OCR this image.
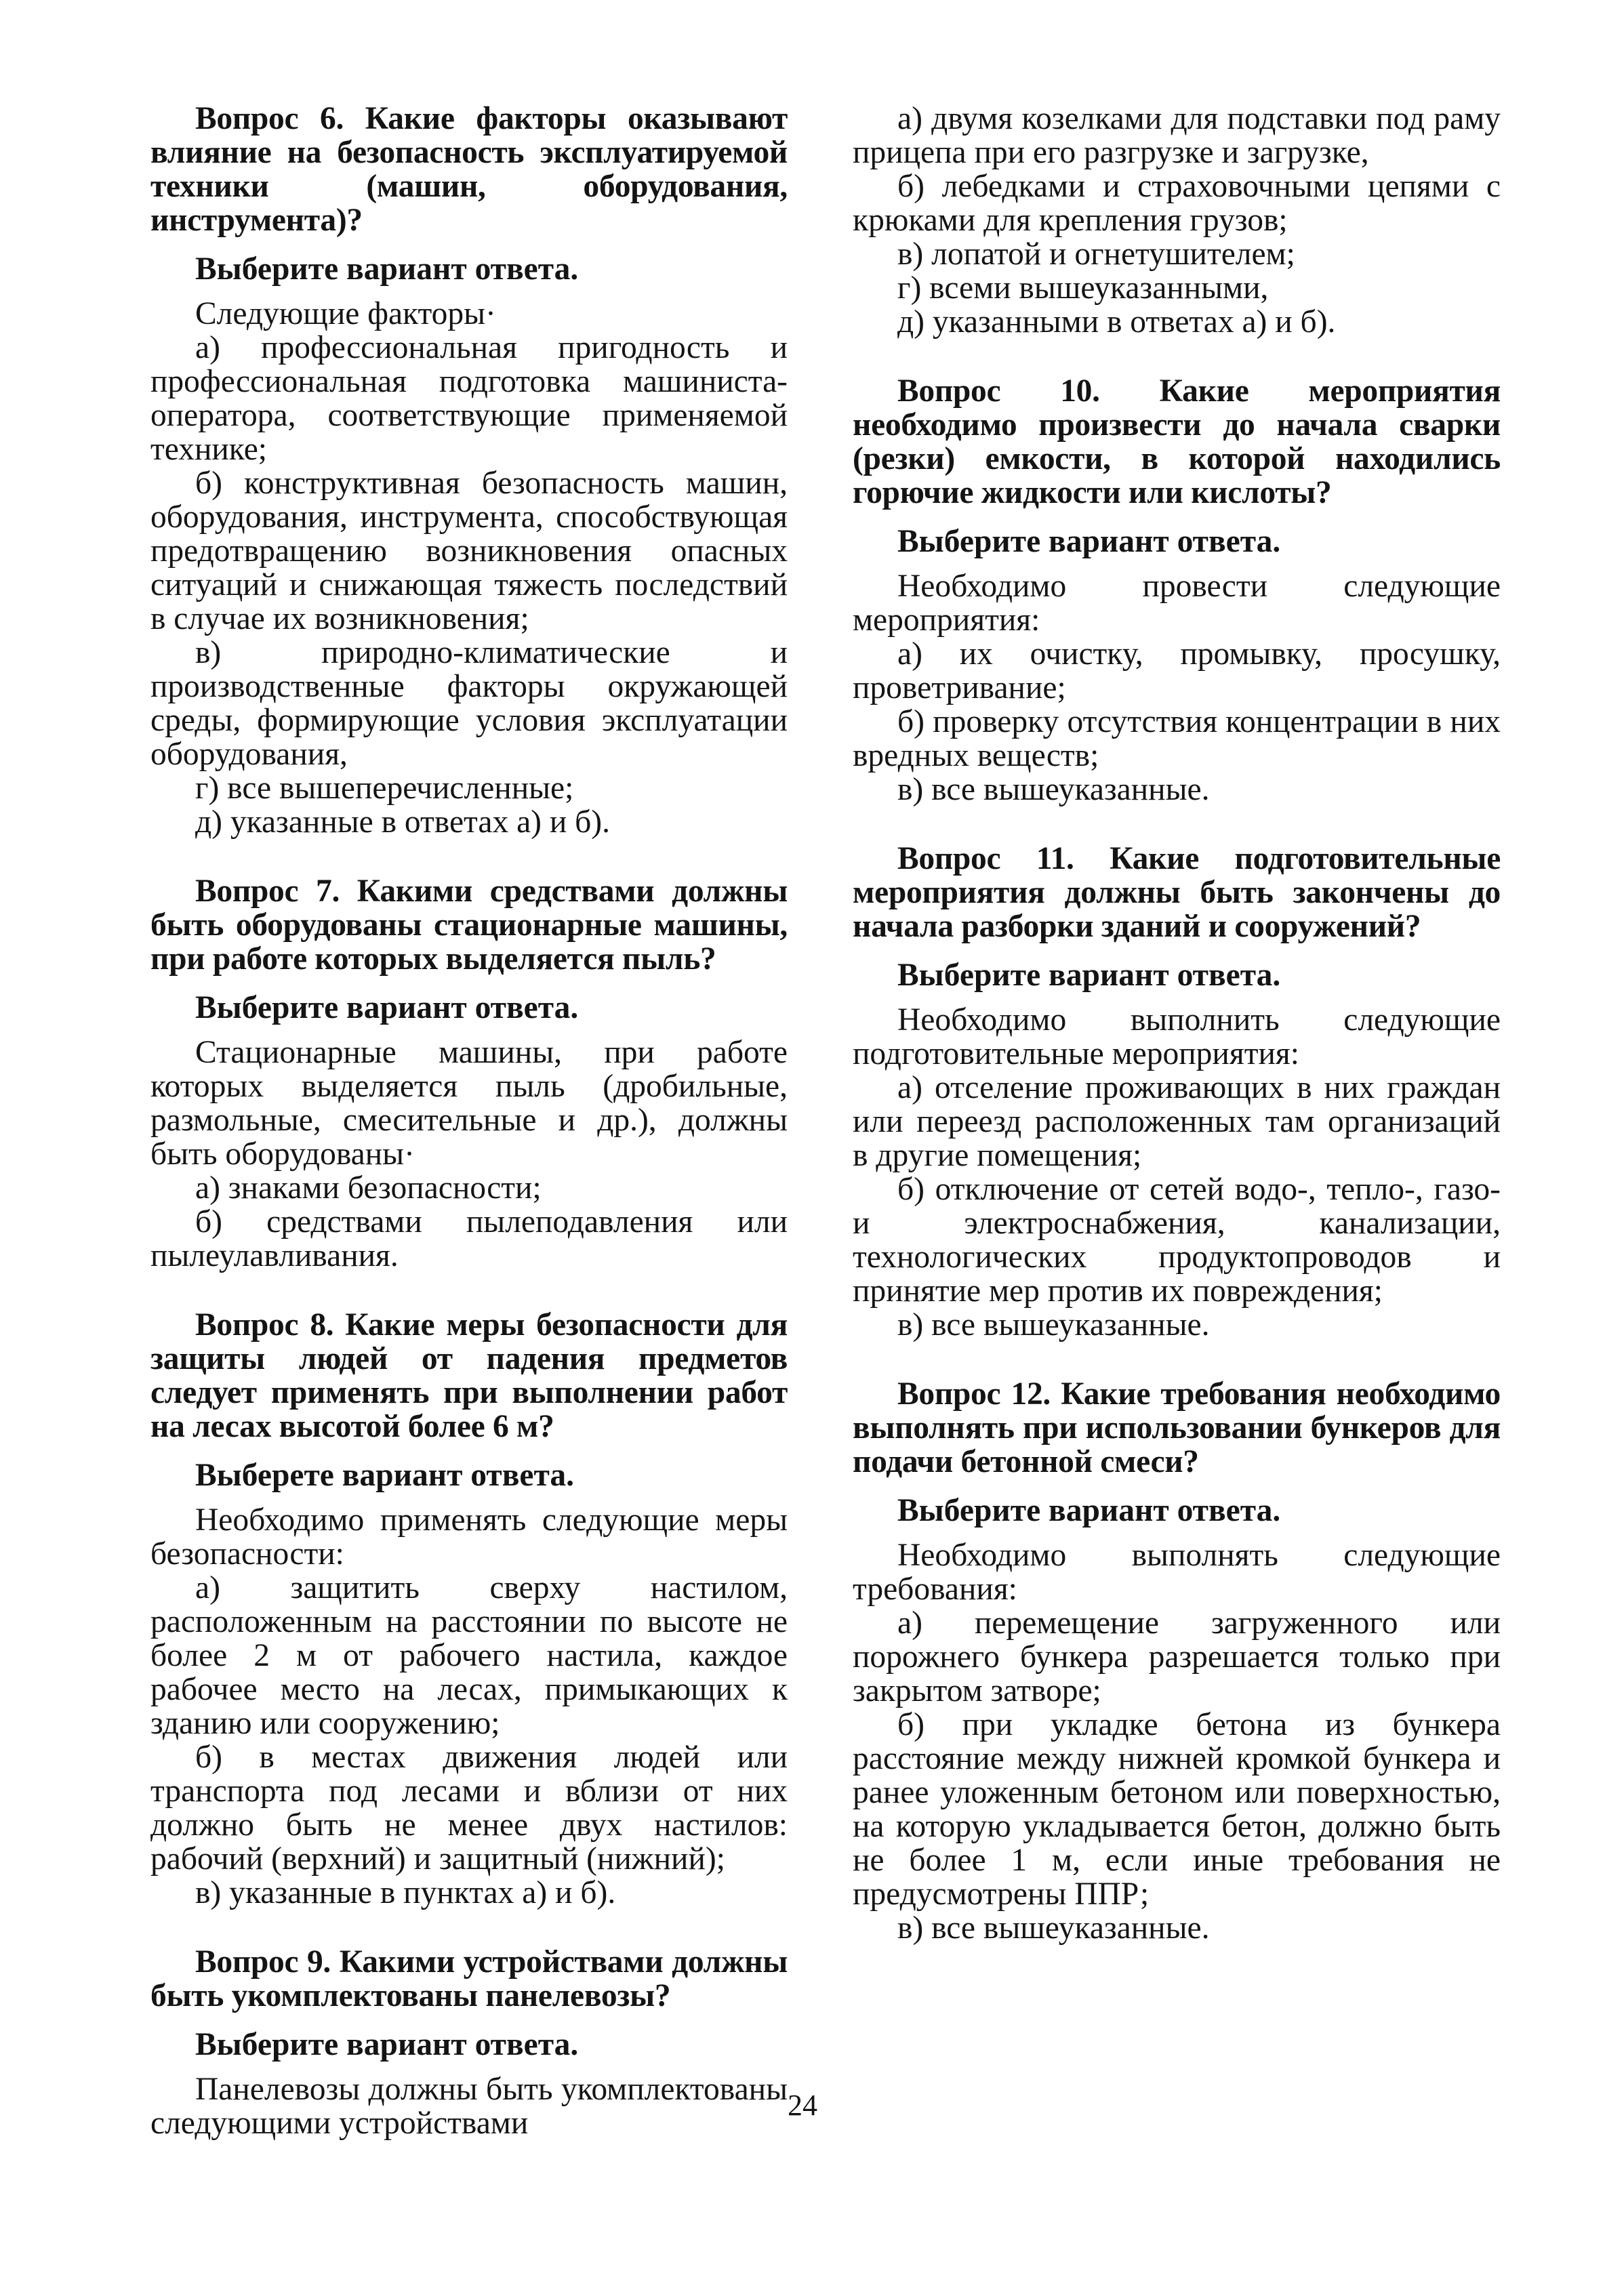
Вопрос 6. Какие факторы оказывают влияние на безопасность эксплуатируемой техники (машин, оборудования, инструмента)?

Выберите вариант ответа.

Следующие факторы·

а) профессиональная пригодность и профессиональная подготовка машиниста-оператора, соответствующие применяемой технике;

б) конструктивная безопасность машин, оборудования, инструмента, способствующая предотвращению возникновения опасных ситуаций и снижающая тяжесть последствий в случае их возникновения;

в) природно-климатические и производственные факторы окружающей среды, формирующие условия эксплуатации оборудования,

г) все вышеперечисленные;

д) указанные в ответах а) и б).

Вопрос 7. Какими средствами должны быть оборудованы стационарные машины, при работе которых выделяется пыль?

Выберите вариант ответа.

Стационарные машины, при работе которых выделяется пыль (дробильные, размольные, смесительные и др.), должны быть оборудованы·

а) знаками безопасности;

б) средствами пылеподавления или пылеулавливания.

Вопрос 8. Какие меры безопасности для защиты людей от падения предметов следует применять при выполнении работ на лесах высотой более 6 м?

Выберете вариант ответа.

Необходимо применять следующие меры безопасности:

а) защитить сверху настилом, расположенным на расстоянии по высоте не более 2 м от рабочего настила, каждое рабочее место на лесах, примыкающих к зданию или сооружению;

б) в местах движения людей или транспорта под лесами и вблизи от них должно быть не менее двух настилов: рабочий (верхний) и защитный (нижний);

в) указанные в пунктах а) и б).

Вопрос 9. Какими устройствами должны быть укомплектованы панелевозы?

Выберите вариант ответа.

Панелевозы должны быть укомплектованы следующими устройствами

а) двумя козелками для подставки под раму прицепа при его разгрузке и загрузке,

б) лебедками и страховочными цепями с крюками для крепления грузов;

в) лопатой и огнетушителем;

г) всеми вышеуказанными,

д) указанными в ответах а) и б).

Вопрос 10. Какие мероприятия необходимо произвести до начала сварки (резки) емкости, в которой находились горючие жидкости или кислоты?

Выберите вариант ответа.

Необходимо провести следующие мероприятия:

а) их очистку, промывку, просушку, проветривание;

б) проверку отсутствия концентрации в них вредных веществ;

в) все вышеуказанные.

Вопрос 11. Какие подготовительные мероприятия должны быть закончены до начала разборки зданий и сооружений?

Выберите вариант ответа.

Необходимо выполнить следующие подготовительные мероприятия:

а) отселение проживающих в них граждан или переезд расположенных там организаций в другие помещения;

б) отключение от сетей водо-, тепло-, газо- и электроснабжения, канализации, технологических продуктопроводов и принятие мер против их повреждения;

в) все вышеуказанные.

Вопрос 12. Какие требования необходимо выполнять при использовании бункеров для подачи бетонной смеси?

Выберите вариант ответа.

Необходимо выполнять следующие требования:

а) перемещение загруженного или порожнего бункера разрешается только при закрытом затворе;

б) при укладке бетона из бункера расстояние между нижней кромкой бункера и ранее уложенным бетоном или поверхностью, на которую укладывается бетон, должно быть не более 1 м, если иные требования не предусмотрены ППР;

в) все вышеуказанные.

24
